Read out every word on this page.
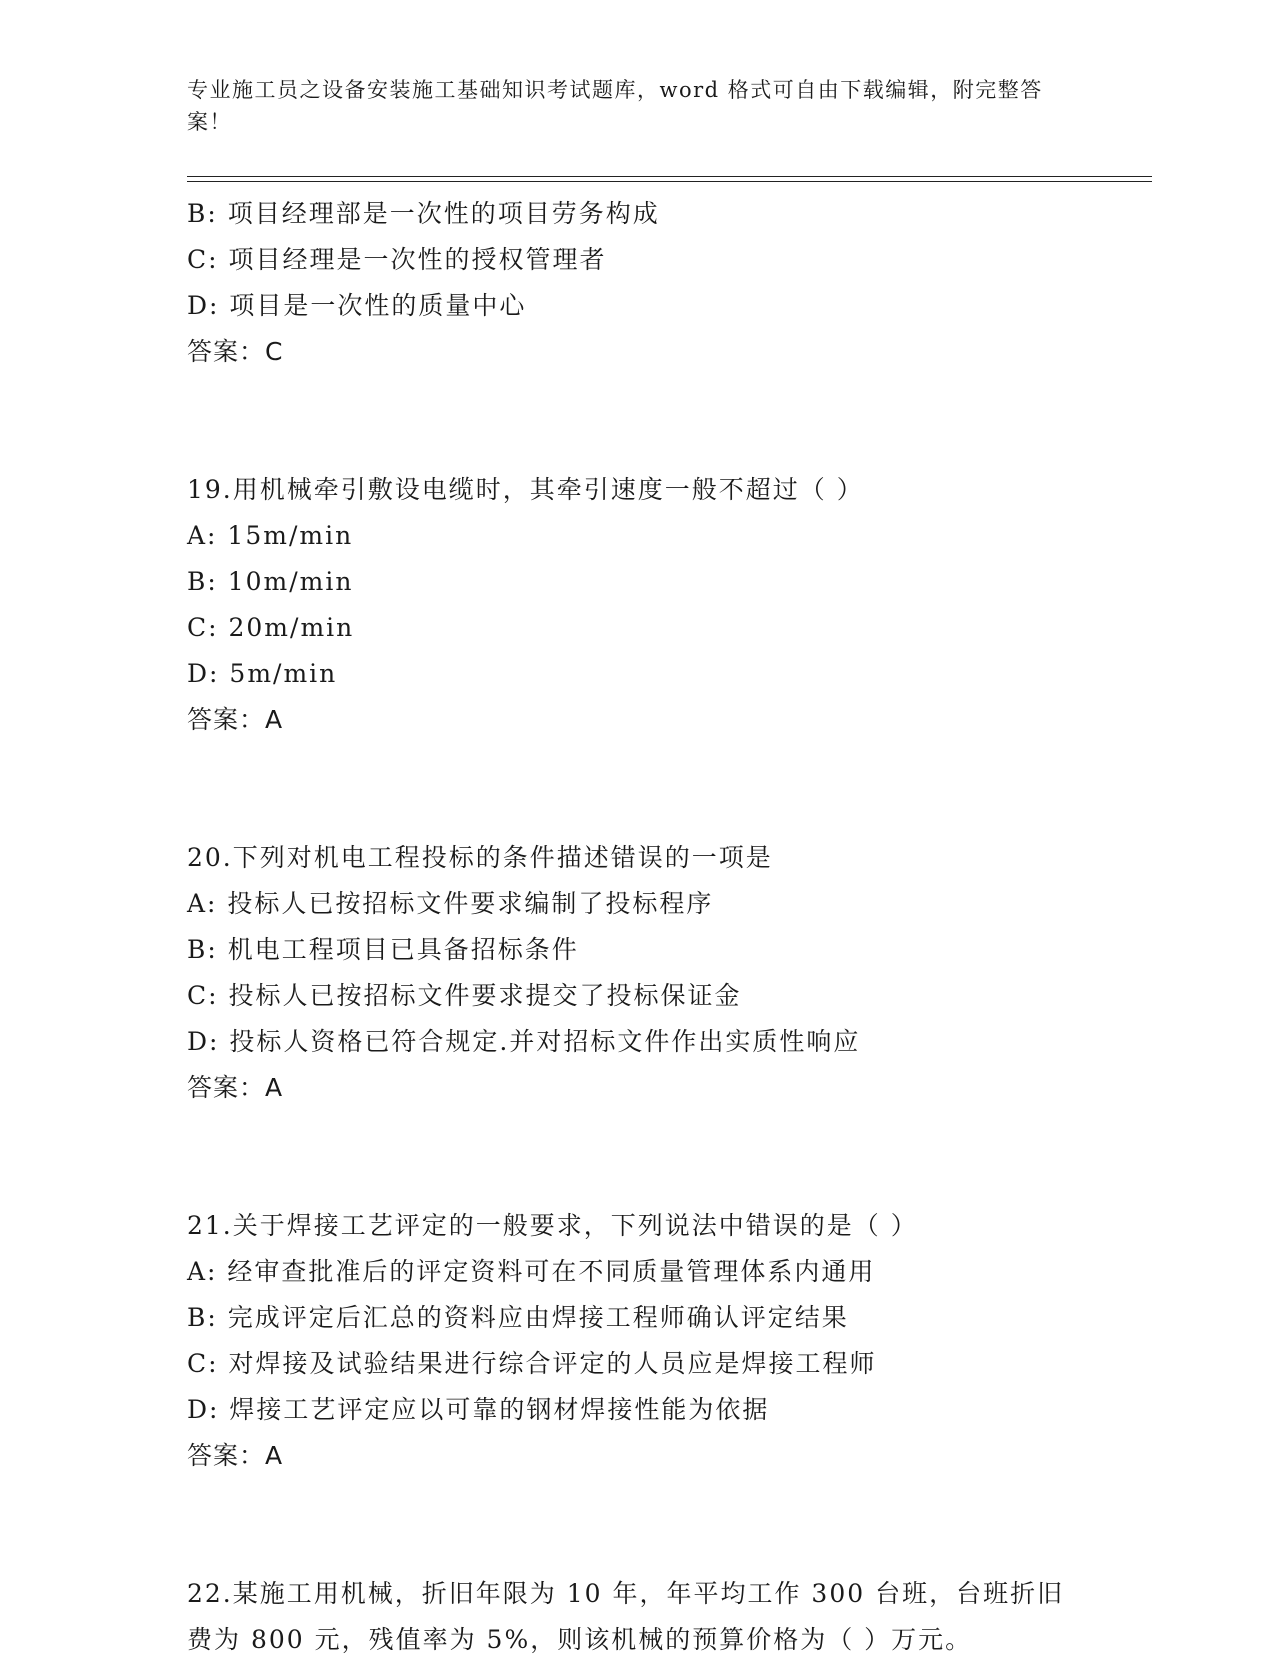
专业施工员之设备安装施工基础知识考试题库，word 格式可自由下载编辑，附完整答案！
B: 项目经理部是一次性的项目劳务构成
C: 项目经理是一次性的授权管理者
D: 项目是一次性的质量中心
答案：C
19.用机械牵引敷设电缆时，其牵引速度一般不超过（ ）
A: 15m/min
B: 10m/min
C: 20m/min
D: 5m/min
答案：A
20.下列对机电工程投标的条件描述错误的一项是
A: 投标人已按招标文件要求编制了投标程序
B: 机电工程项目已具备招标条件
C: 投标人已按招标文件要求提交了投标保证金
D: 投标人资格已符合规定.并对招标文件作出实质性响应
答案：A
21.关于焊接工艺评定的一般要求，下列说法中错误的是（ ）
A: 经审查批准后的评定资料可在不同质量管理体系内通用
B: 完成评定后汇总的资料应由焊接工程师确认评定结果
C: 对焊接及试验结果进行综合评定的人员应是焊接工程师
D: 焊接工艺评定应以可靠的钢材焊接性能为依据
答案：A
22.某施工用机械，折旧年限为 10 年，年平均工作 300 台班，台班折旧费为 800 元，残值率为 5%，则该机械的预算价格为（ ）万元。
